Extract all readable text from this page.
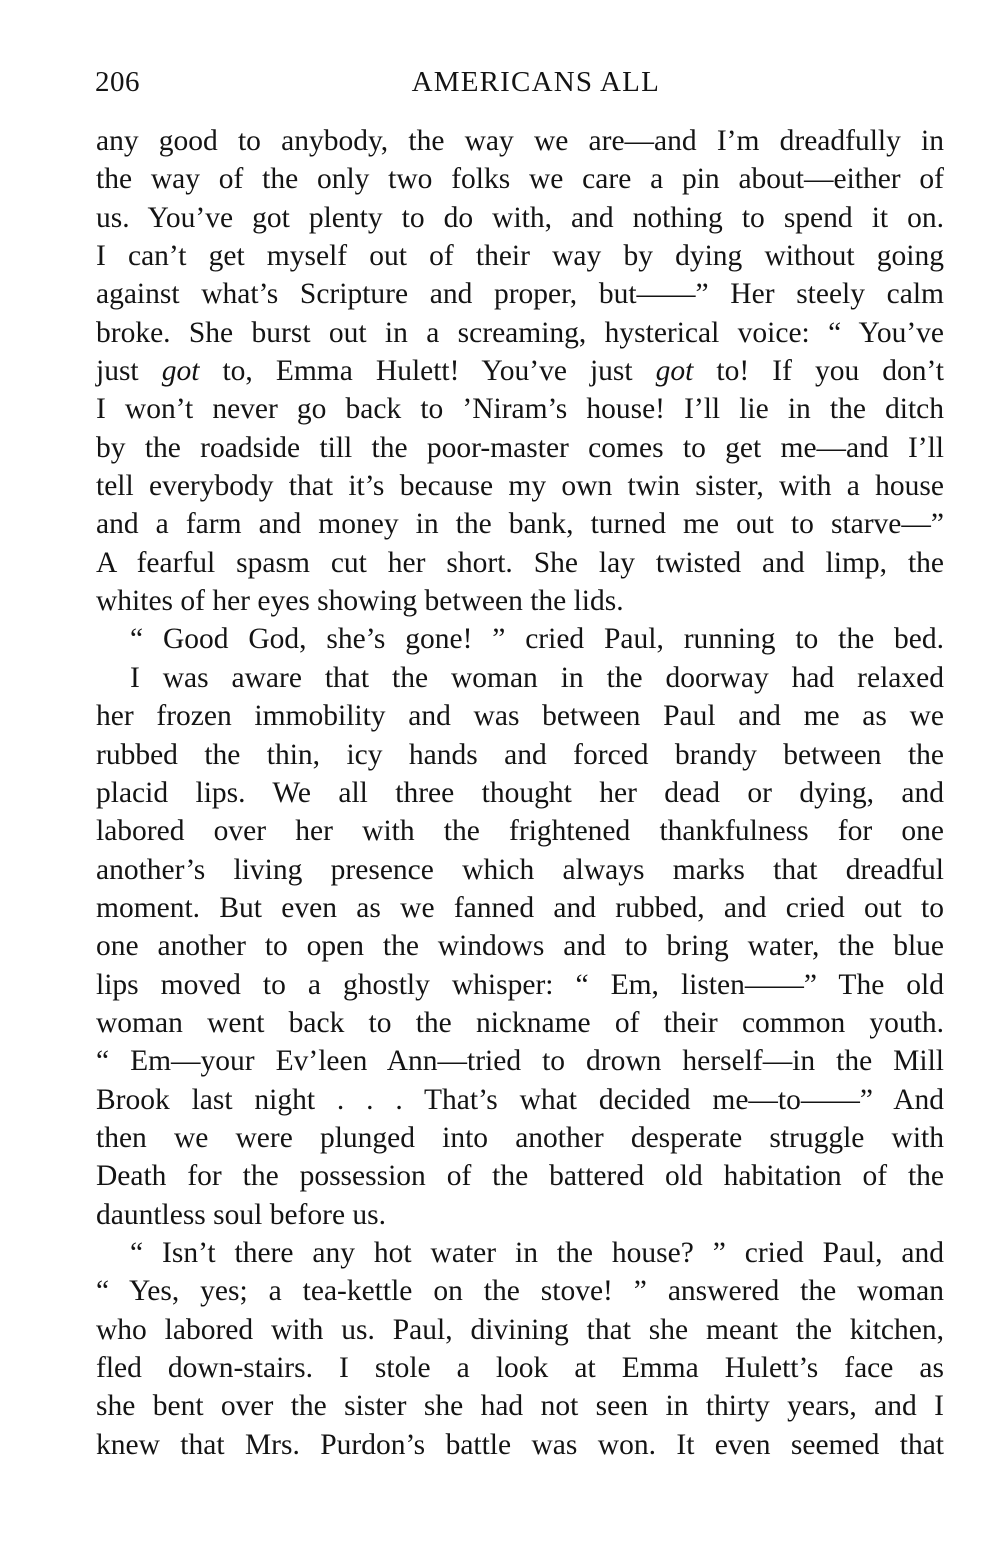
206	AMERICANS ALL
any good to anybody, the way we are—and I’m dreadfully in
the way of the only two folks we care a pin about—either of
us. You’ve got plenty to do with, and nothing to spend it on.
I can’t get myself out of their way by dying without going
against what’s Scripture and proper, but——” Her steely calm
broke. She burst out in a screaming, hysterical voice: “ You’ve
just got to, Emma Hulett! You’ve just got to! If you don’t
I won’t never go back to ’Niram’s house! I’ll lie in the ditch
by the roadside till the poor-master comes to get me—and I’ll
tell everybody that it’s because my own twin sister, with a house
and a farm and money in the bank, turned me out to starve—”
A fearful spasm cut her short. She lay twisted and limp, the
whites of her eyes showing between the lids.
“ Good God, she’s gone! ” cried Paul, running to the bed.
I was aware that the woman in the doorway had relaxed
her frozen immobility and was between Paul and me as we
rubbed the thin, icy hands and forced brandy between the
placid lips. We all three thought her dead or dying, and
labored over her with the frightened thankfulness for one
another’s living presence which always marks that dreadful
moment. But even as we fanned and rubbed, and cried out to
one another to open the windows and to bring water, the blue
lips moved to a ghostly whisper: “ Em, listen——” The old
woman went back to the nickname of their common youth.
“ Em—your Ev’leen Ann—tried to drown herself—in the Mill
Brook last night . . . That’s what decided me—to——” And
then we were plunged into another desperate struggle with
Death for the possession of the battered old habitation of the
dauntless soul before us.
“ Isn’t there any hot water in the house? ” cried Paul, and
“ Yes, yes; a tea-kettle on the stove! ” answered the woman
who labored with us. Paul, divining that she meant the kitchen,
fled down-stairs. I stole a look at Emma Hulett’s face as
she bent over the sister she had not seen in thirty years, and I
knew that Mrs. Purdon’s battle was won. It even seemed that
